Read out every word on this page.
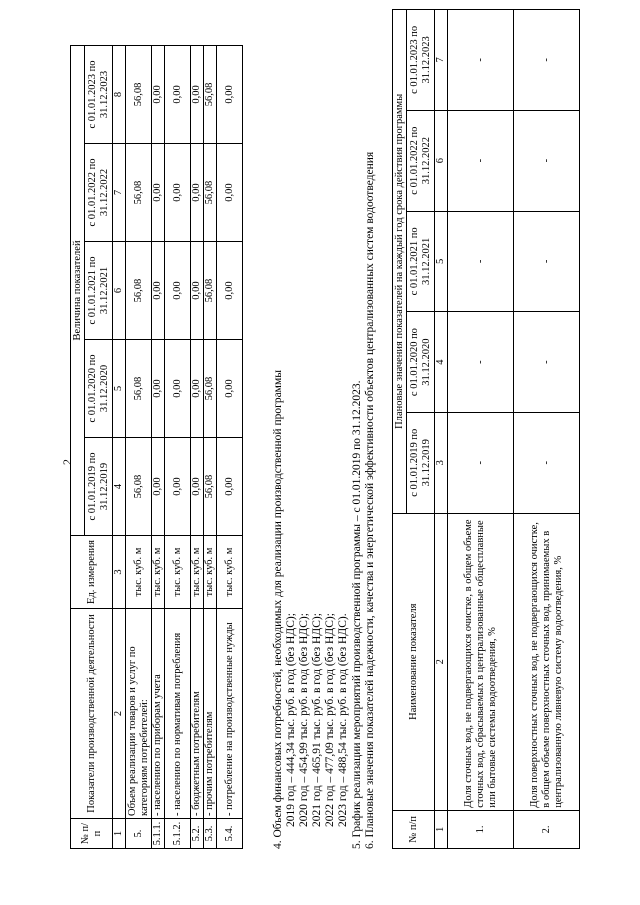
2
№ п/п	Показатели производственной деятельности	Ед. измерения	Величина показателей				
			с 01.01.2019 по 31.12.2019	с 01.01.2020 по 31.12.2020	с 01.01.2021 по 31.12.2021	с 01.01.2022 по 31.12.2022	с 01.01.2023 по 31.12.2023
1	2	3	4	5	6	7	8
5.	Объем реализации товаров и услуг по категориям потребителей:	тыс. куб. м	56,08	56,08	56,08	56,08	56,08
5.1.1.	- населению по приборам учета	тыс. куб. м	0,00	0,00	0,00	0,00	0,00
5.1.2.	- населению по нормативам потребления	тыс. куб. м	0,00	0,00	0,00	0,00	0,00
5.2.	- бюджетным потребителям	тыс. куб. м	0,00	0,00	0,00	0,00	0,00
5.3.	- прочим потребителям	тыс. куб. м	56,08	56,08	56,08	56,08	56,08
5.4.	- потребление на производственные нужды	тыс. куб. м	0,00	0,00	0,00	0,00	0,00
4. Объем финансовых потребностей, необходимых для реализации производственной программы 2019 год – 444,34 тыс. руб. в год (без НДС); 2020 год – 454,99 тыс. руб. в год (без НДС); 2021 год – 465,91 тыс. руб. в год (без НДС); 2022 год – 477,09 тыс. руб. в год (без НДС); 2023 год – 488,54 тыс. руб. в год (без НДС). 5. График реализации мероприятий производственной программы – с 01.01.2019 по 31.12.2023. 6. Плановые значения показателей надежности, качества и энергетической эффективности объектов централизованных систем водоотведения	№ п/п	Наименование показателя	Плановые значения показателей на каждый год срока действия программы				
		с 01.01.2019 по 31.12.2019	с 01.01.2020 по 31.12.2020	с 01.01.2021 по 31.12.2021	с 01.01.2022 по 31.12.2022	с 01.01.2023 по 31.12.2023
1	2	3	4	5	6	7
1.	Доля сточных вод, не подвергающихся очистке, в общем объеме сточных вод, сбрасываемых в централизованные общесплавные или бытовые системы водоотведения, %	-	-	-	-	-
2.	Доля поверхностных сточных вод, не подвергающихся очистке, в общем объеме поверхностных сточных вод, принимаемых в централизованную ливневую систему водоотведения, %	-	-	-	-	-
